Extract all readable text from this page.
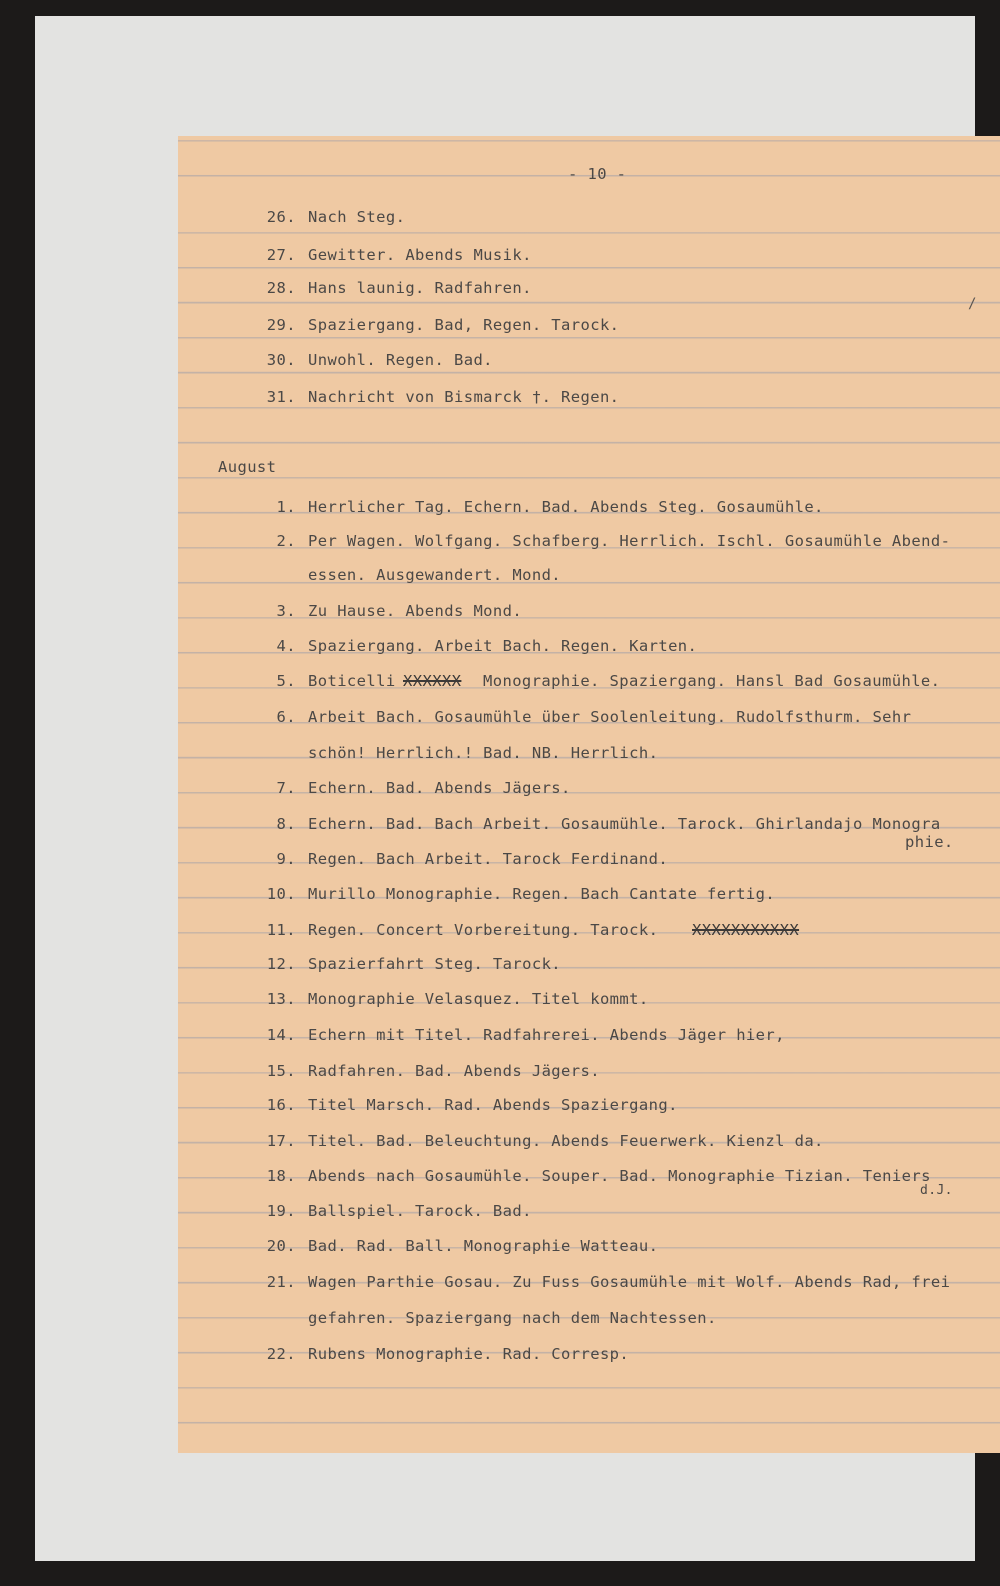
- 10 -
26. Nach Steg.
27. Gewitter. Abends Musik.
28. Hans launig. Radfahren.
29. Spaziergang. Bad, Regen. Tarock.
30. Unwohl. Regen. Bad.
31. Nachricht von Bismarck †. Regen.
/
August
1. Herrlicher Tag. Echern. Bad. Abends Steg. Gosaumühle.
2. Per Wagen. Wolfgang. Schafberg. Herrlich. Ischl. Gosaumühle Abend-
essen. Ausgewandert. Mond.
3. Zu Hause. Abends Mond.
4. Spaziergang. Arbeit Bach. Regen. Karten.
5. Boticelli XXXXXX Monographie. Spaziergang. Hansl Bad Gosaumühle.
6. Arbeit Bach. Gosaumühle über Soolenleitung. Rudolfsthurm. Sehr
schön! Herrlich.! Bad. NB. Herrlich.
7. Echern. Bad. Abends Jägers.
8. Echern. Bad. Bach Arbeit. Gosaumühle. Tarock. Ghirlandajo Monogra
phie.
9. Regen. Bach Arbeit. Tarock Ferdinand.
10. Murillo Monographie. Regen. Bach Cantate fertig.
11. Regen. Concert Vorbereitung. Tarock. XXXXXXXXXXX
12. Spazierfahrt Steg. Tarock.
13. Monographie Velasquez. Titel kommt.
14. Echern mit Titel. Radfahrerei. Abends Jäger hier,
15. Radfahren. Bad. Abends Jägers.
16. Titel Marsch. Rad. Abends Spaziergang.
17. Titel. Bad. Beleuchtung. Abends Feuerwerk. Kienzl da.
18. Abends nach Gosaumühle. Souper. Bad. Monographie Tizian. Teniers
d.J.
19. Ballspiel. Tarock. Bad.
20. Bad. Rad. Ball. Monographie Watteau.
21. Wagen Parthie Gosau. Zu Fuss Gosaumühle mit Wolf. Abends Rad, frei
gefahren. Spaziergang nach dem Nachtessen.
22. Rubens Monographie. Rad. Corresp.
